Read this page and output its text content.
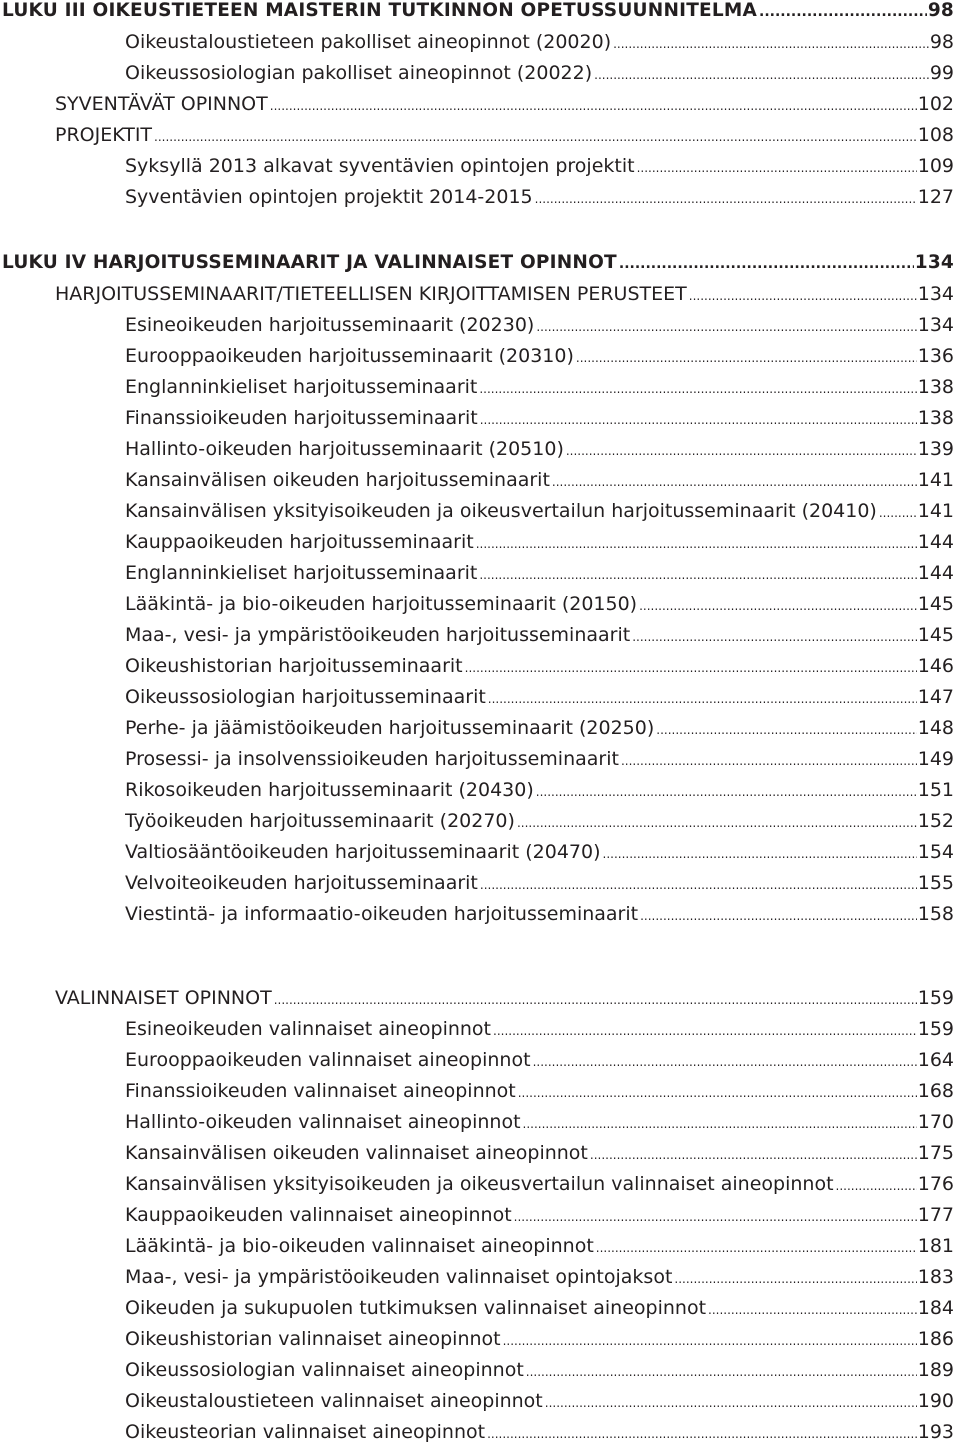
LUKU III OIKEUSTIETEEN MAISTERIN TUTKINNON OPETUSSUUNNITELMA .....	98
Oikeustaloustieteen pakolliset aineopinnot (20020) .....	98
Oikeussosiologian pakolliset aineopinnot (20022) .....	99
SYVENTÄVÄT OPINNOT .....	102
PROJEKTIT .....	108
Syksyllä 2013 alkavat syventävien opintojen projektit .....	109
Syventävien opintojen projektit 2014-2015 .....	127
LUKU IV HARJOITUSSEMINAARIT JA VALINNAISET OPINNOT .....	134
HARJOITUSSEMINAARIT/TIETEELLISEN KIRJOITTAMISEN PERUSTEET .....	134
Esineoikeuden harjoitusseminaarit (20230) .....	134
Eurooppaoikeuden harjoitusseminaarit (20310) .....	136
Englanninkieliset harjoitusseminaarit .....	138
Finanssioikeuden harjoitusseminaarit .....	138
Hallinto-oikeuden harjoitusseminaarit (20510) .....	139
Kansainvälisen oikeuden harjoitusseminaarit .....	141
Kansainvälisen yksityisoikeuden ja oikeusvertailun harjoitusseminaarit (20410) ..... 141
Kauppaoikeuden harjoitusseminaarit .....	144
Englanninkieliset harjoitusseminaarit .....	144
Lääkintä- ja bio-oikeuden harjoitusseminaarit (20150) .....	145
Maa-, vesi- ja ympäristöoikeuden harjoitusseminaarit .....	145
Oikeushistorian harjoitusseminaarit .....	146
Oikeussosiologian harjoitusseminaarit .....	147
Perhe- ja jäämistöoikeuden harjoitusseminaarit (20250) .....	148
Prosessi- ja insolvenssioikeuden harjoitusseminaarit .....	149
Rikosoikeuden harjoitusseminaarit (20430) .....	151
Työoikeuden harjoitusseminaarit (20270) .....	152
Valtiosääntöoikeuden harjoitusseminaarit (20470) .....	154
Velvoiteoikeuden harjoitusseminaarit .....	155
Viestintä- ja informaatio-oikeuden harjoitusseminaarit .....	158
VALINNAISET OPINNOT .....	159
Esineoikeuden valinnaiset aineopinnot .....	159
Eurooppaoikeuden valinnaiset aineopinnot .....	164
Finanssioikeuden valinnaiset aineopinnot .....	168
Hallinto-oikeuden valinnaiset aineopinnot .....	170
Kansainvälisen oikeuden valinnaiset aineopinnot .....	175
Kansainvälisen yksityisoikeuden ja oikeusvertailun valinnaiset aineopinnot .....	176
Kauppaoikeuden valinnaiset aineopinnot .....	177
Lääkintä- ja bio-oikeuden valinnaiset aineopinnot .....	181
Maa-, vesi- ja ympäristöoikeuden valinnaiset opintojaksot .....	183
Oikeuden ja sukupuolen tutkimuksen valinnaiset aineopinnot .....	184
Oikeushistorian valinnaiset aineopinnot .....	186
Oikeussosiologian valinnaiset aineopinnot .....	189
Oikeustaloustieteen valinnaiset aineopinnot .....	190
Oikeusteorian valinnaiset aineopinnot .....	193
